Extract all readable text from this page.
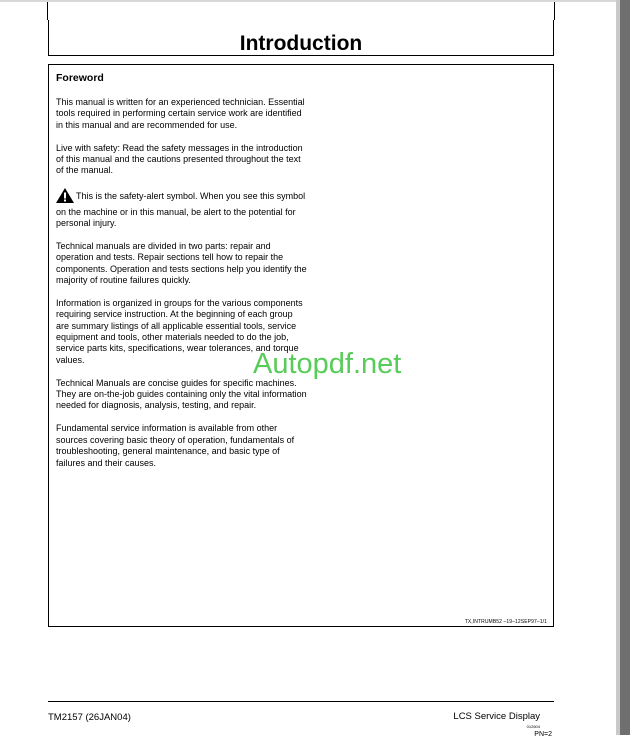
Introduction
Foreword

This manual is written for an experienced technician. Essential tools required in performing certain service work are identified in this manual and are recommended for use.

Live with safety: Read the safety messages in the introduction of this manual and the cautions presented throughout the text of the manual.

This is the safety-alert symbol. When you see this symbol on the machine or in this manual, be alert to the potential for personal injury.

Technical manuals are divided in two parts: repair and operation and tests. Repair sections tell how to repair the components. Operation and tests sections help you identify the majority of routine failures quickly.

Information is organized in groups for the various components requiring service instruction. At the beginning of each group are summary listings of all applicable essential tools, service equipment and tools, other materials needed to do the job, service parts kits, specifications, wear tolerances, and torque values.

Technical Manuals are concise guides for specific machines. They are on-the-job guides containing only the vital information needed for diagnosis, analysis, testing, and repair.

Fundamental service information is available from other sources covering basic theory of operation, fundamentals of troubleshooting, general maintenance, and basic type of failures and their causes.

TX,INTRUMB52 –19–12SEP97–1/1
Autopdf.net
TM2157 (26JAN04)	LCS Service Display
012604
PN=2
